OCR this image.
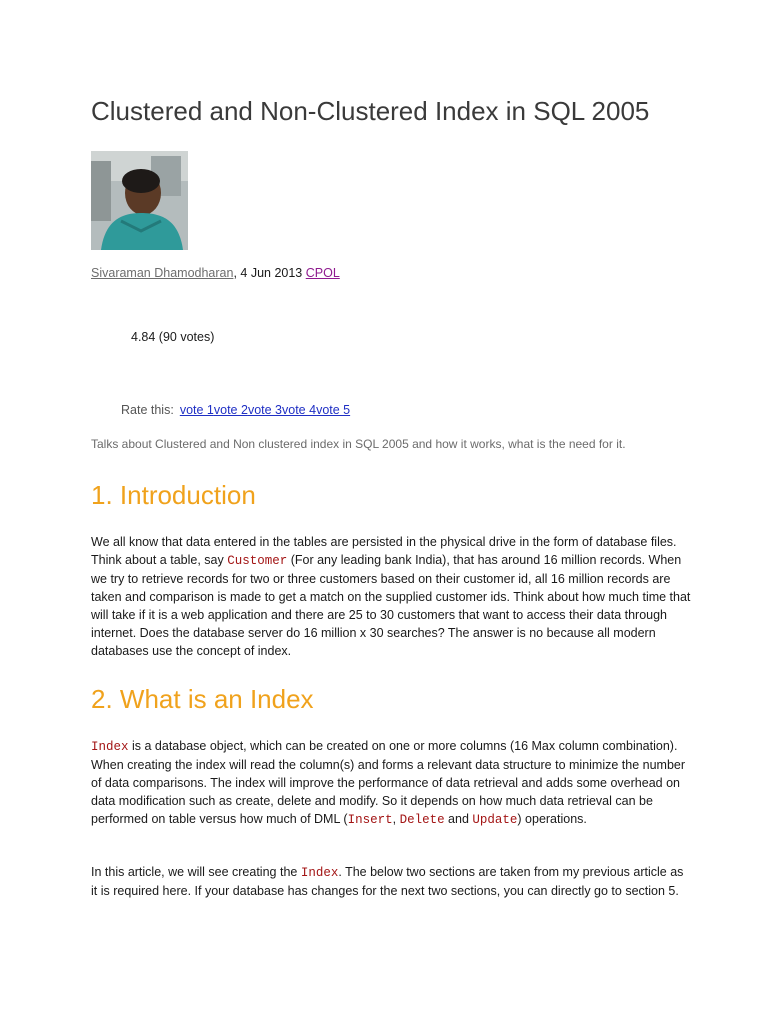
Clustered and Non-Clustered Index in SQL 2005
Sivaraman Dhamodharan, 4 Jun 2013 CPOL
4.84 (90 votes)
Rate this: vote 1vote 2vote 3vote 4vote 5
Talks about Clustered and Non clustered index in SQL 2005 and how it works, what is the need for it.
1. Introduction

We all know that data entered in the tables are persisted in the physical drive in the form of database files. Think about a table, say Customer (For any leading bank India), that has around 16 million records. When we try to retrieve records for two or three customers based on their customer id, all 16 million records are taken and comparison is made to get a match on the supplied customer ids. Think about how much time that will take if it is a web application and there are 25 to 30 customers that want to access their data through internet. Does the database server do 16 million x 30 searches? The answer is no because all modern databases use the concept of index.

2. What is an Index

Index is a database object, which can be created on one or more columns (16 Max column combination). When creating the index will read the column(s) and forms a relevant data structure to minimize the number of data comparisons. The index will improve the performance of data retrieval and adds some overhead on data modification such as create, delete and modify. So it depends on how much data retrieval can be performed on table versus how much of DML (Insert, Delete and Update) operations.

In this article, we will see creating the Index. The below two sections are taken from my previous article as it is required here. If your database has changes for the next two sections, you can directly go to section 5.
